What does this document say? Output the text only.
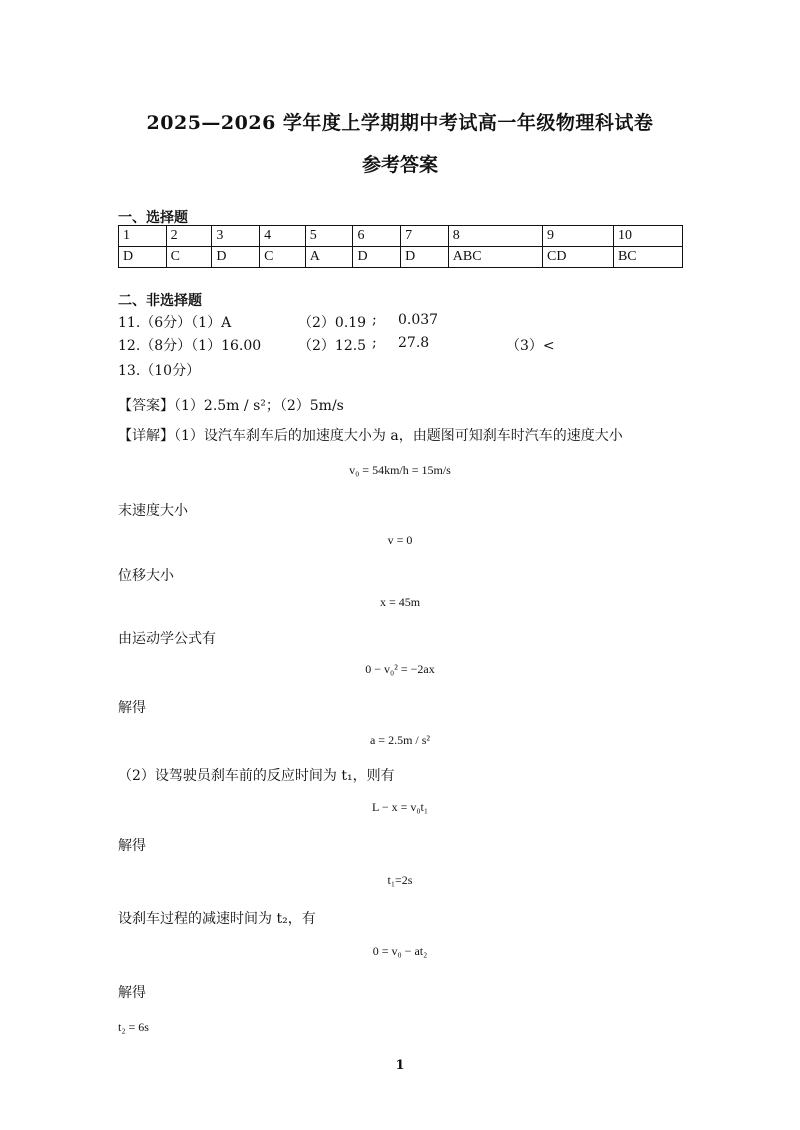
2025—2026 学年度上学期期中考试高一年级物理科试卷
参考答案
一、选择题
1	2	3	4	5	6	7	8	9	10
D	C	D	C	A	D	D	ABC	CD	BC
二、非选择题
11.（6分）（1）A	（2）0.19 ; 0.037
12.（8分）（1）16.00	（2）12.5 ; 27.8	（3）<
13.（10分）
【答案】（1）2.5m / s²；（2）5m/s
【详解】（1）设汽车刹车后的加速度大小为 a，由题图可知刹车时汽车的速度大小
v₀ = 54km/h = 15m/s
末速度大小
v = 0
位移大小
x = 45m
由运动学公式有
0 − v₀² = −2ax
解得
a = 2.5m / s²
（2）设驾驶员刹车前的反应时间为 t₁，则有
L − x = v₀t₁
解得
t₁=2s
设刹车过程的减速时间为 t₂，有
0 = v₀ − at₂
解得
t₂ = 6s
1
